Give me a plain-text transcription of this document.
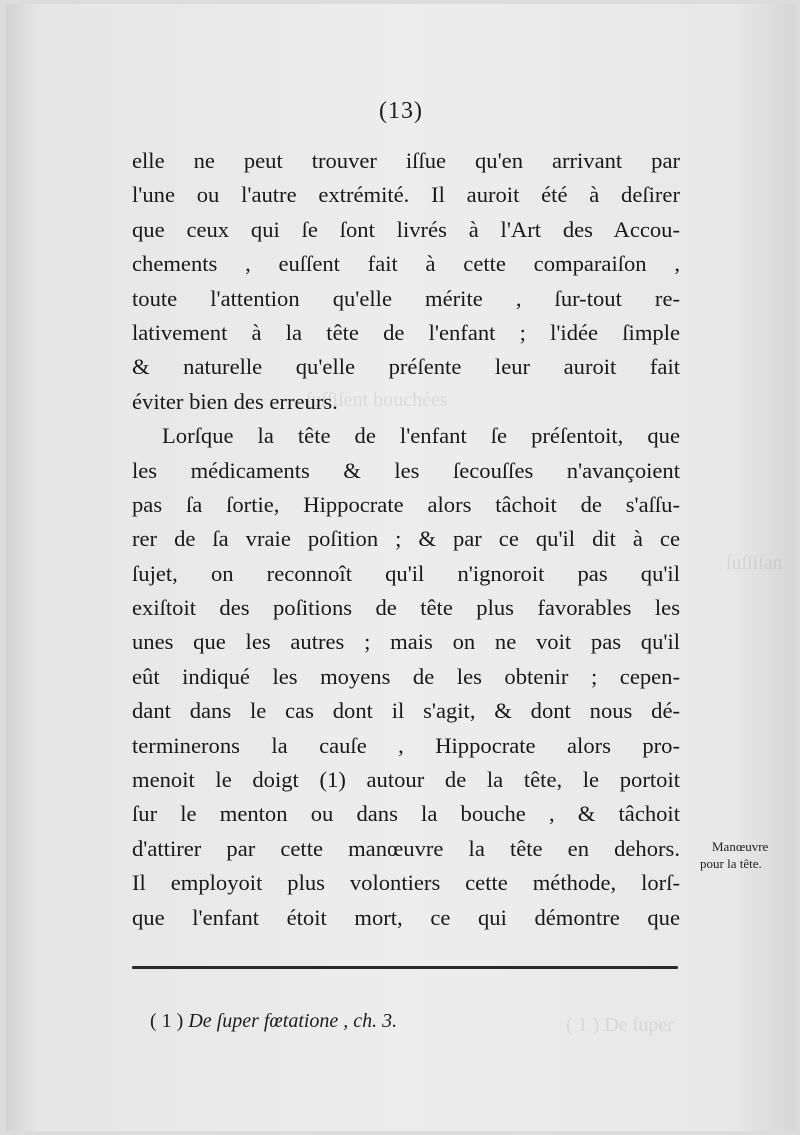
ſuſſiſent bouchées
ſuſſiſan
( 1 ) De ſuper
(13)
elle ne peut trouver iſſue qu'en arrivant par
l'une ou l'autre extrémité. Il auroit été à deſirer
que ceux qui ſe ſont livrés à l'Art des Accou-
chements , euſſent fait à cette comparaiſon ,
toute l'attention qu'elle mérite , ſur-tout re-
lativement à la tête de l'enfant ; l'idée ſimple
& naturelle qu'elle préſente leur auroit fait
éviter bien des erreurs.
Lorſque la tête de l'enfant ſe préſentoit, que
les médicaments & les ſecouſſes n'avançoient
pas ſa ſortie, Hippocrate alors tâchoit de s'aſſu-
rer de ſa vraie poſition ; & par ce qu'il dit à ce
ſujet, on reconnoît qu'il n'ignoroit pas qu'il
exiſtoit des poſitions de tête plus favorables les
unes que les autres ; mais on ne voit pas qu'il
eût indiqué les moyens de les obtenir ; cepen-
dant dans le cas dont il s'agit, & dont nous dé-
terminerons la cauſe , Hippocrate alors pro-
menoit le doigt (1) autour de la tête, le portoit
ſur le menton ou dans la bouche , & tâchoit
d'attirer par cette manœuvre la tête en dehors.
Il employoit plus volontiers cette méthode, lorſ-
que l'enfant étoit mort, ce qui démontre que
Manœuvre
pour la tête.
( 1 ) De ſuper fœtatione , ch. 3.
